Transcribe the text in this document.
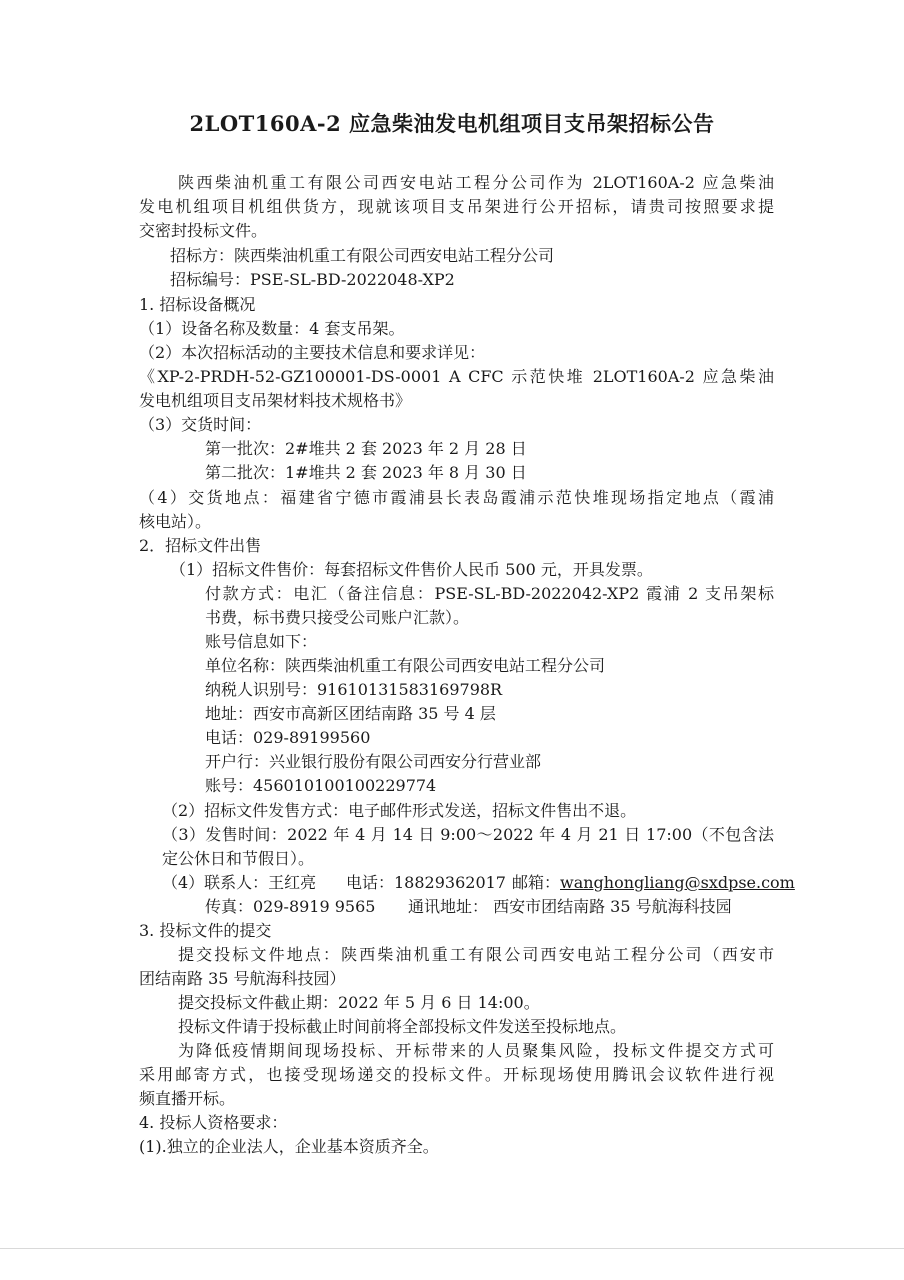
2LOT160A-2 应急柴油发电机组项目支吊架招标公告
陕西柴油机重工有限公司西安电站工程分公司作为 2LOT160A-2 应急柴油
发电机组项目机组供货方，现就该项目支吊架进行公开招标，请贵司按照要求提
交密封投标文件。
招标方：陕西柴油机重工有限公司西安电站工程分公司
招标编号：PSE-SL-BD-2022048-XP2
1. 招标设备概况
（1）设备名称及数量：4 套支吊架。
（2）本次招标活动的主要技术信息和要求详见：
《XP-2-PRDH-52-GZ100001-DS-0001 A CFC 示范快堆 2LOT160A-2 应急柴油
发电机组项目支吊架材料技术规格书》
（3）交货时间：
第一批次：2#堆共 2 套 2023 年 2 月 28 日
第二批次：1#堆共 2 套 2023 年 8 月 30 日
（4）交货地点：福建省宁德市霞浦县长表岛霞浦示范快堆现场指定地点（霞浦
核电站）。
2．招标文件出售
（1）招标文件售价：每套招标文件售价人民币 500 元，开具发票。
付款方式：电汇（备注信息：PSE-SL-BD-2022042-XP2 霞浦 2 支吊架标
书费，标书费只接受公司账户汇款）。
账号信息如下：
单位名称：陕西柴油机重工有限公司西安电站工程分公司
纳税人识别号：91610131583169798R
地址：西安市高新区团结南路 35 号 4 层
电话：029-89199560
开户行：兴业银行股份有限公司西安分行营业部
账号：456010100100229774
（2）招标文件发售方式：电子邮件形式发送，招标文件售出不退。
（3）发售时间：2022 年 4 月 14 日 9:00～2022 年 4 月 21 日 17:00（不包含法
定公休日和节假日）。
（4）联系人：王红亮 电话：18829362017 邮箱：wanghongliang@sxdpse.com
传真：029-8919 9565 通讯地址： 西安市团结南路 35 号航海科技园
3. 投标文件的提交
提交投标文件地点：陕西柴油机重工有限公司西安电站工程分公司（西安市
团结南路 35 号航海科技园）
提交投标文件截止期：2022 年 5 月 6 日 14:00。
投标文件请于投标截止时间前将全部投标文件发送至投标地点。
为降低疫情期间现场投标、开标带来的人员聚集风险，投标文件提交方式可
采用邮寄方式，也接受现场递交的投标文件。开标现场使用腾讯会议软件进行视
频直播开标。
4. 投标人资格要求：
(1).独立的企业法人，企业基本资质齐全。
